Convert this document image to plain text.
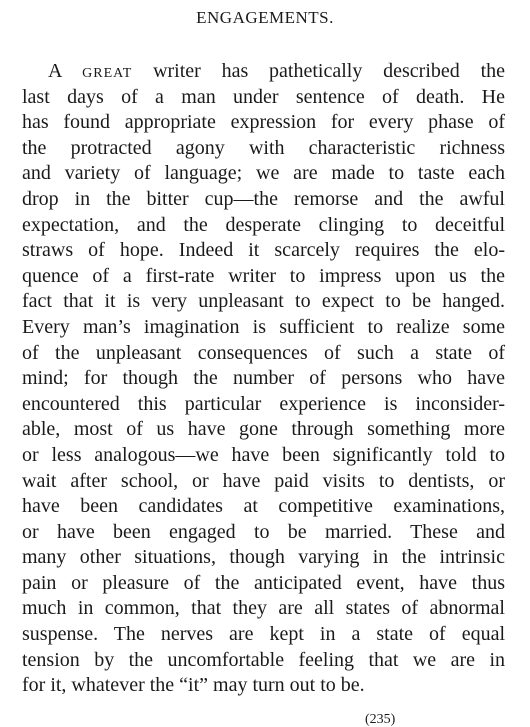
ENGAGEMENTS.
A great writer has pathetically described the
last days of a man under sentence of death. He
has found appropriate expression for every phase of
the protracted agony with characteristic richness
and variety of language; we are made to taste each
drop in the bitter cup—the remorse and the awful
expectation, and the desperate clinging to deceitful
straws of hope. Indeed it scarcely requires the elo-
quence of a first-rate writer to impress upon us the
fact that it is very unpleasant to expect to be hanged.
Every man’s imagination is sufficient to realize some
of the unpleasant consequences of such a state of
mind; for though the number of persons who have
encountered this particular experience is inconsider-
able, most of us have gone through something more
or less analogous—we have been significantly told to
wait after school, or have paid visits to dentists, or
have been candidates at competitive examinations,
or have been engaged to be married. These and
many other situations, though varying in the intrinsic
pain or pleasure of the anticipated event, have thus
much in common, that they are all states of abnormal
suspense. The nerves are kept in a state of equal
tension by the uncomfortable feeling that we are in
for it, whatever the “it” may turn out to be.
(235)
